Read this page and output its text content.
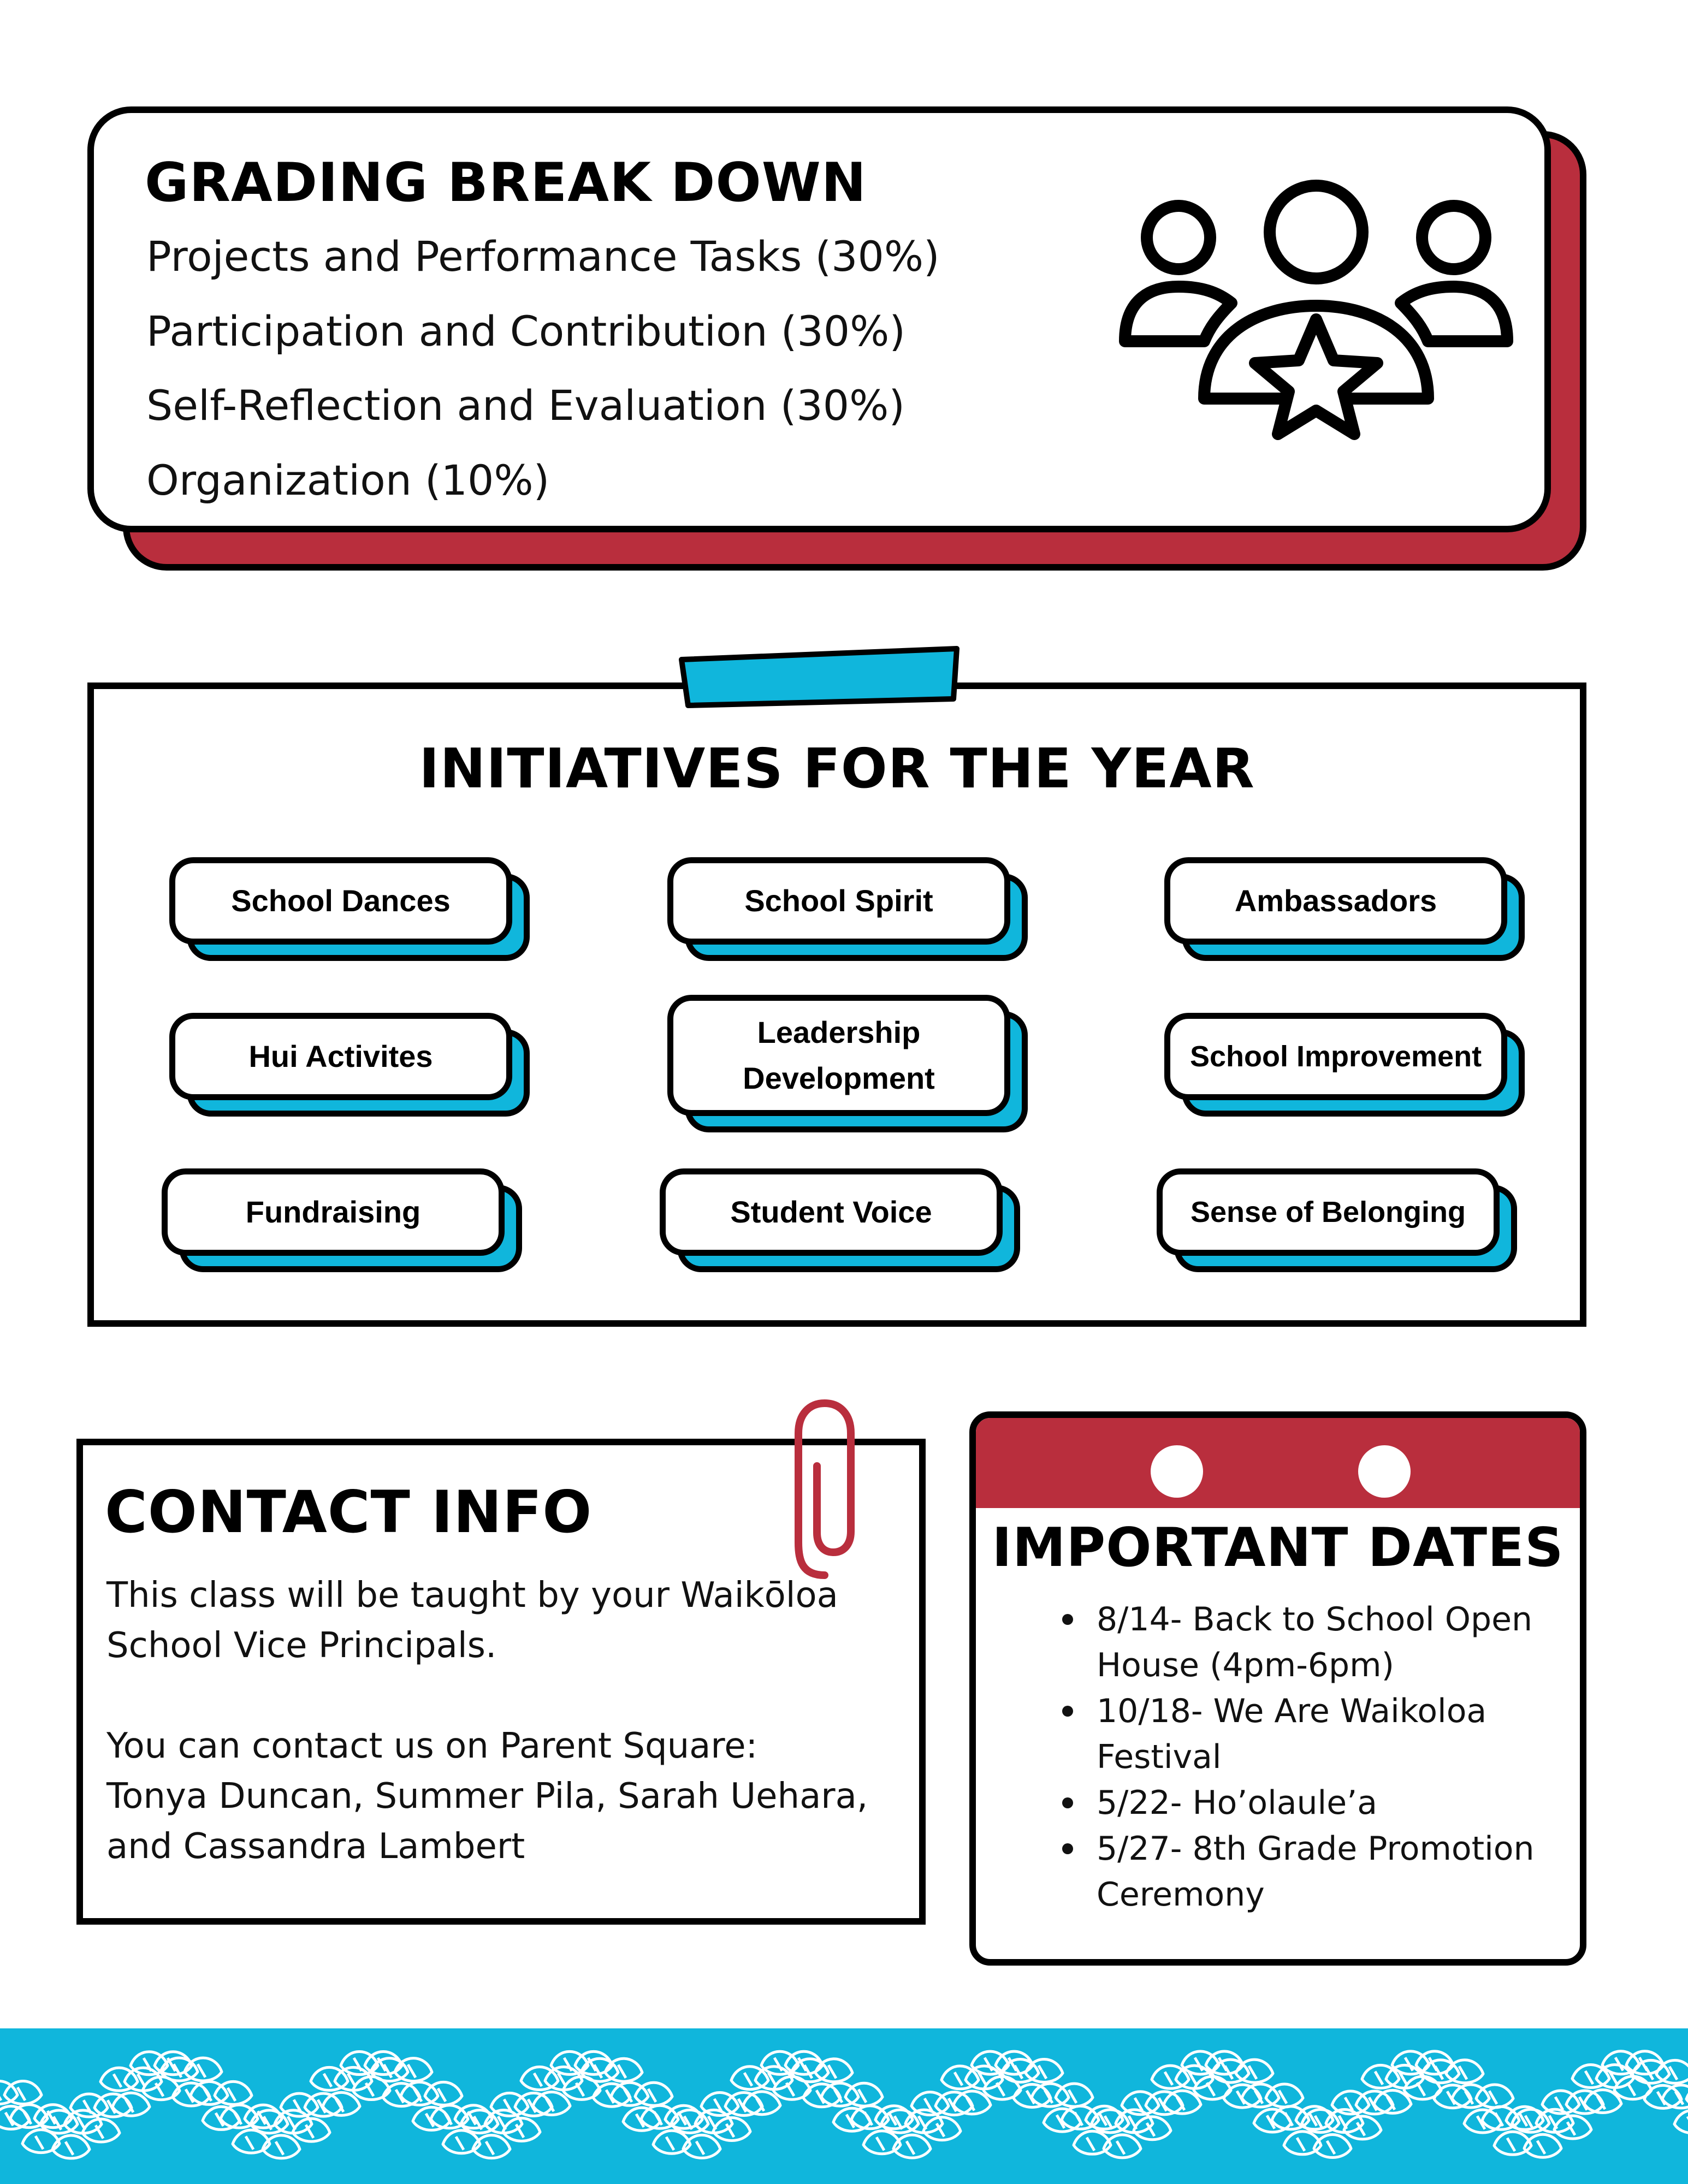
GRADING BREAK DOWN
Projects and Performance Tasks (30%)
Participation and Contribution (30%)
Self-Reflection and Evaluation (30%)
Organization (10%)
INITIATIVES FOR THE YEAR
School Dances	School Spirit	Ambassadors
Hui Activites
Leadership Development
School Improvement
Fundraising	Student Voice	Sense of Belonging
CONTACT INFO
This class will be taught by your Waikōloa
School Vice Principals.
You can contact us on Parent Square:
Tonya Duncan, Summer Pila, Sarah Uehara,
and Cassandra Lambert
IMPORTANT DATES
8/14- Back to School Open
House (4pm-6pm)
10/18- We Are Waikoloa
Festival
5/22- Ho’olaule’a
5/27- 8th Grade Promotion
Ceremony
